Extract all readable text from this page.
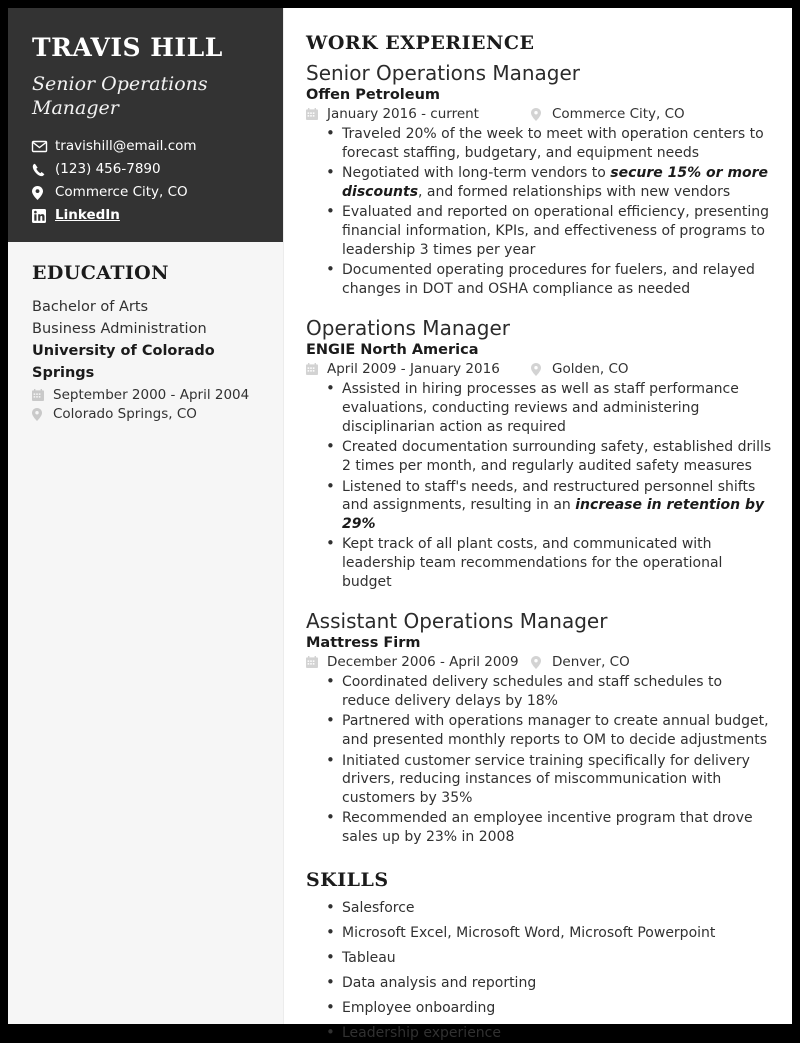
TRAVIS HILL
Senior Operations Manager
travishill@email.com
(123) 456-7890
Commerce City, CO
LinkedIn
EDUCATION
Bachelor of Arts
Business Administration
University of Colorado Springs
September 2000 - April 2004
Colorado Springs, CO
WORK EXPERIENCE
Senior Operations Manager
Offen Petroleum
January 2016 - current	Commerce City, CO
• Traveled 20% of the week to meet with operation centers to forecast staffing, budgetary, and equipment needs
• Negotiated with long-term vendors to secure 15% or more discounts, and formed relationships with new vendors
• Evaluated and reported on operational efficiency, presenting financial information, KPIs, and effectiveness of programs to leadership 3 times per year
• Documented operating procedures for fuelers, and relayed changes in DOT and OSHA compliance as needed
Operations Manager
ENGIE North America
April 2009 - January 2016	Golden, CO
• Assisted in hiring processes as well as staff performance evaluations, conducting reviews and administering disciplinarian action as required
• Created documentation surrounding safety, established drills 2 times per month, and regularly audited safety measures
• Listened to staff's needs, and restructured personnel shifts and assignments, resulting in an increase in retention by 29%
• Kept track of all plant costs, and communicated with leadership team recommendations for the operational budget
Assistant Operations Manager
Mattress Firm
December 2006 - April 2009 Denver, CO
• Coordinated delivery schedules and staff schedules to reduce delivery delays by 18%
• Partnered with operations manager to create annual budget, and presented monthly reports to OM to decide adjustments
• Initiated customer service training specifically for delivery drivers, reducing instances of miscommunication with customers by 35%
• Recommended an employee incentive program that drove sales up by 23% in 2008
SKILLS
• Salesforce
• Microsoft Excel, Microsoft Word, Microsoft Powerpoint
• Tableau
• Data analysis and reporting
• Employee onboarding
• Leadership experience
